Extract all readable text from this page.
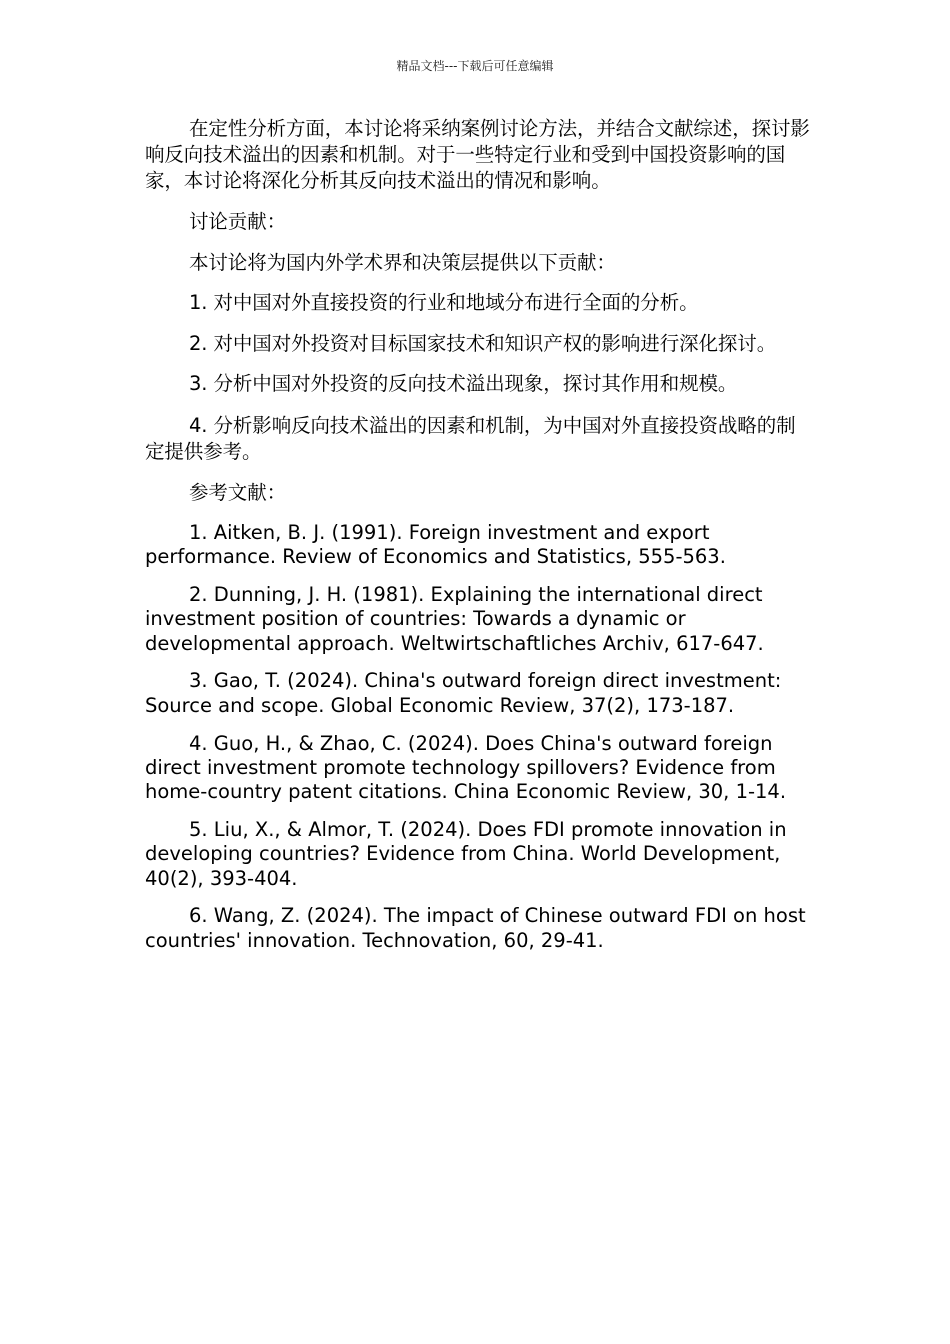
精品文档---下载后可任意编辑

在定性分析方面，本讨论将采纳案例讨论方法，并结合文献综述，探讨影响反向技术溢出的因素和机制。对于一些特定行业和受到中国投资影响的国家，本讨论将深化分析其反向技术溢出的情况和影响。

讨论贡献：

本讨论将为国内外学术界和决策层提供以下贡献：

1. 对中国对外直接投资的行业和地域分布进行全面的分析。

2. 对中国对外投资对目标国家技术和知识产权的影响进行深化探讨。

3. 分析中国对外投资的反向技术溢出现象，探讨其作用和规模。

4. 分析影响反向技术溢出的因素和机制，为中国对外直接投资战略的制定提供参考。

参考文献：

1. Aitken, B. J. (1991). Foreign investment and export performance. Review of Economics and Statistics, 555-563.

2. Dunning, J. H. (1981). Explaining the international direct investment position of countries: Towards a dynamic or developmental approach. Weltwirtschaftliches Archiv, 617-647.

3. Gao, T. (2024). China's outward foreign direct investment: Source and scope. Global Economic Review, 37(2), 173-187.

4. Guo, H., & Zhao, C. (2024). Does China's outward foreign direct investment promote technology spillovers? Evidence from home-country patent citations. China Economic Review, 30, 1-14.

5. Liu, X., & Almor, T. (2024). Does FDI promote innovation in developing countries? Evidence from China. World Development, 40(2), 393-404.

6. Wang, Z. (2024). The impact of Chinese outward FDI on host countries' innovation. Technovation, 60, 29-41.
